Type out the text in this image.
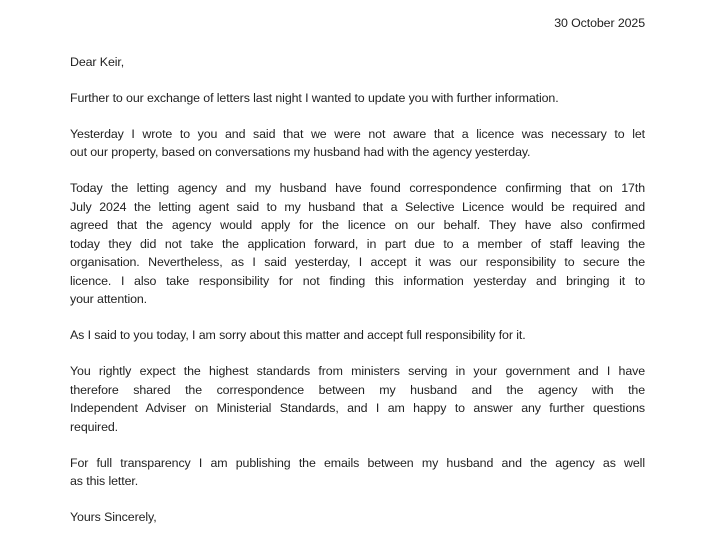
30 October 2025
Dear Keir,
Further to our exchange of letters last night I wanted to update you with further information.
Yesterday I wrote to you and said that we were not aware that a licence was necessary to let
out our property, based on conversations my husband had with the agency yesterday.
Today the letting agency and my husband have found correspondence confirming that on 17th
July 2024 the letting agent said to my husband that a Selective Licence would be required and
agreed that the agency would apply for the licence on our behalf. They have also confirmed
today they did not take the application forward, in part due to a member of staff leaving the
organisation. Nevertheless, as I said yesterday, I accept it was our responsibility to secure the
licence. I also take responsibility for not finding this information yesterday and bringing it to
your attention.
As I said to you today, I am sorry about this matter and accept full responsibility for it.
You rightly expect the highest standards from ministers serving in your government and I have
therefore shared the correspondence between my husband and the agency with the
Independent Adviser on Ministerial Standards, and I am happy to answer any further questions
required.
For full transparency I am publishing the emails between my husband and the agency as well
as this letter.
Yours Sincerely,
